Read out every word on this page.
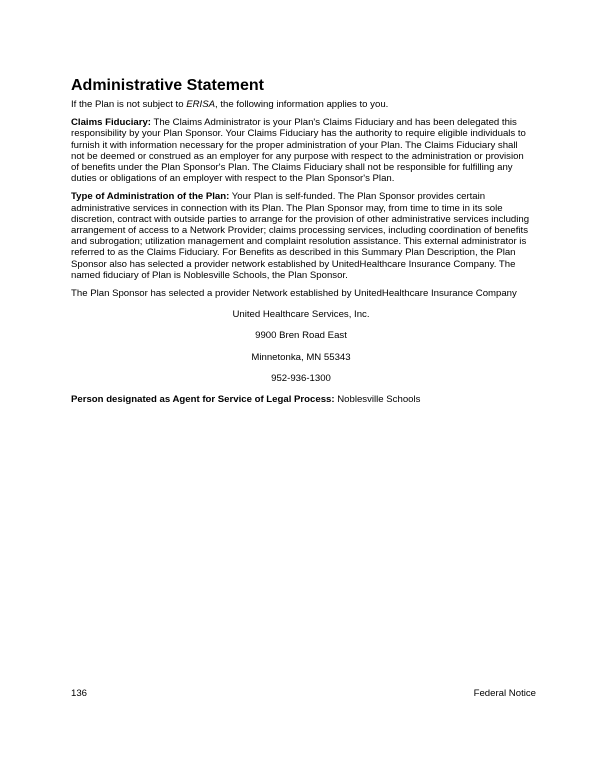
Administrative Statement

If the Plan is not subject to ERISA, the following information applies to you.

Claims Fiduciary: The Claims Administrator is your Plan's Claims Fiduciary and has been delegated this responsibility by your Plan Sponsor. Your Claims Fiduciary has the authority to require eligible individuals to furnish it with information necessary for the proper administration of your Plan. The Claims Fiduciary shall not be deemed or construed as an employer for any purpose with respect to the administration or provision of benefits under the Plan Sponsor's Plan. The Claims Fiduciary shall not be responsible for fulfilling any duties or obligations of an employer with respect to the Plan Sponsor's Plan.

Type of Administration of the Plan: Your Plan is self-funded. The Plan Sponsor provides certain administrative services in connection with its Plan. The Plan Sponsor may, from time to time in its sole discretion, contract with outside parties to arrange for the provision of other administrative services including arrangement of access to a Network Provider; claims processing services, including coordination of benefits and subrogation; utilization management and complaint resolution assistance. This external administrator is referred to as the Claims Fiduciary. For Benefits as described in this Summary Plan Description, the Plan Sponsor also has selected a provider network established by UnitedHealthcare Insurance Company. The named fiduciary of Plan is Noblesville Schools, the Plan Sponsor.

The Plan Sponsor has selected a provider Network established by UnitedHealthcare Insurance Company

United Healthcare Services, Inc.

9900 Bren Road East

Minnetonka, MN 55343

952-936-1300

Person designated as Agent for Service of Legal Process: Noblesville Schools

136	Federal Notice
